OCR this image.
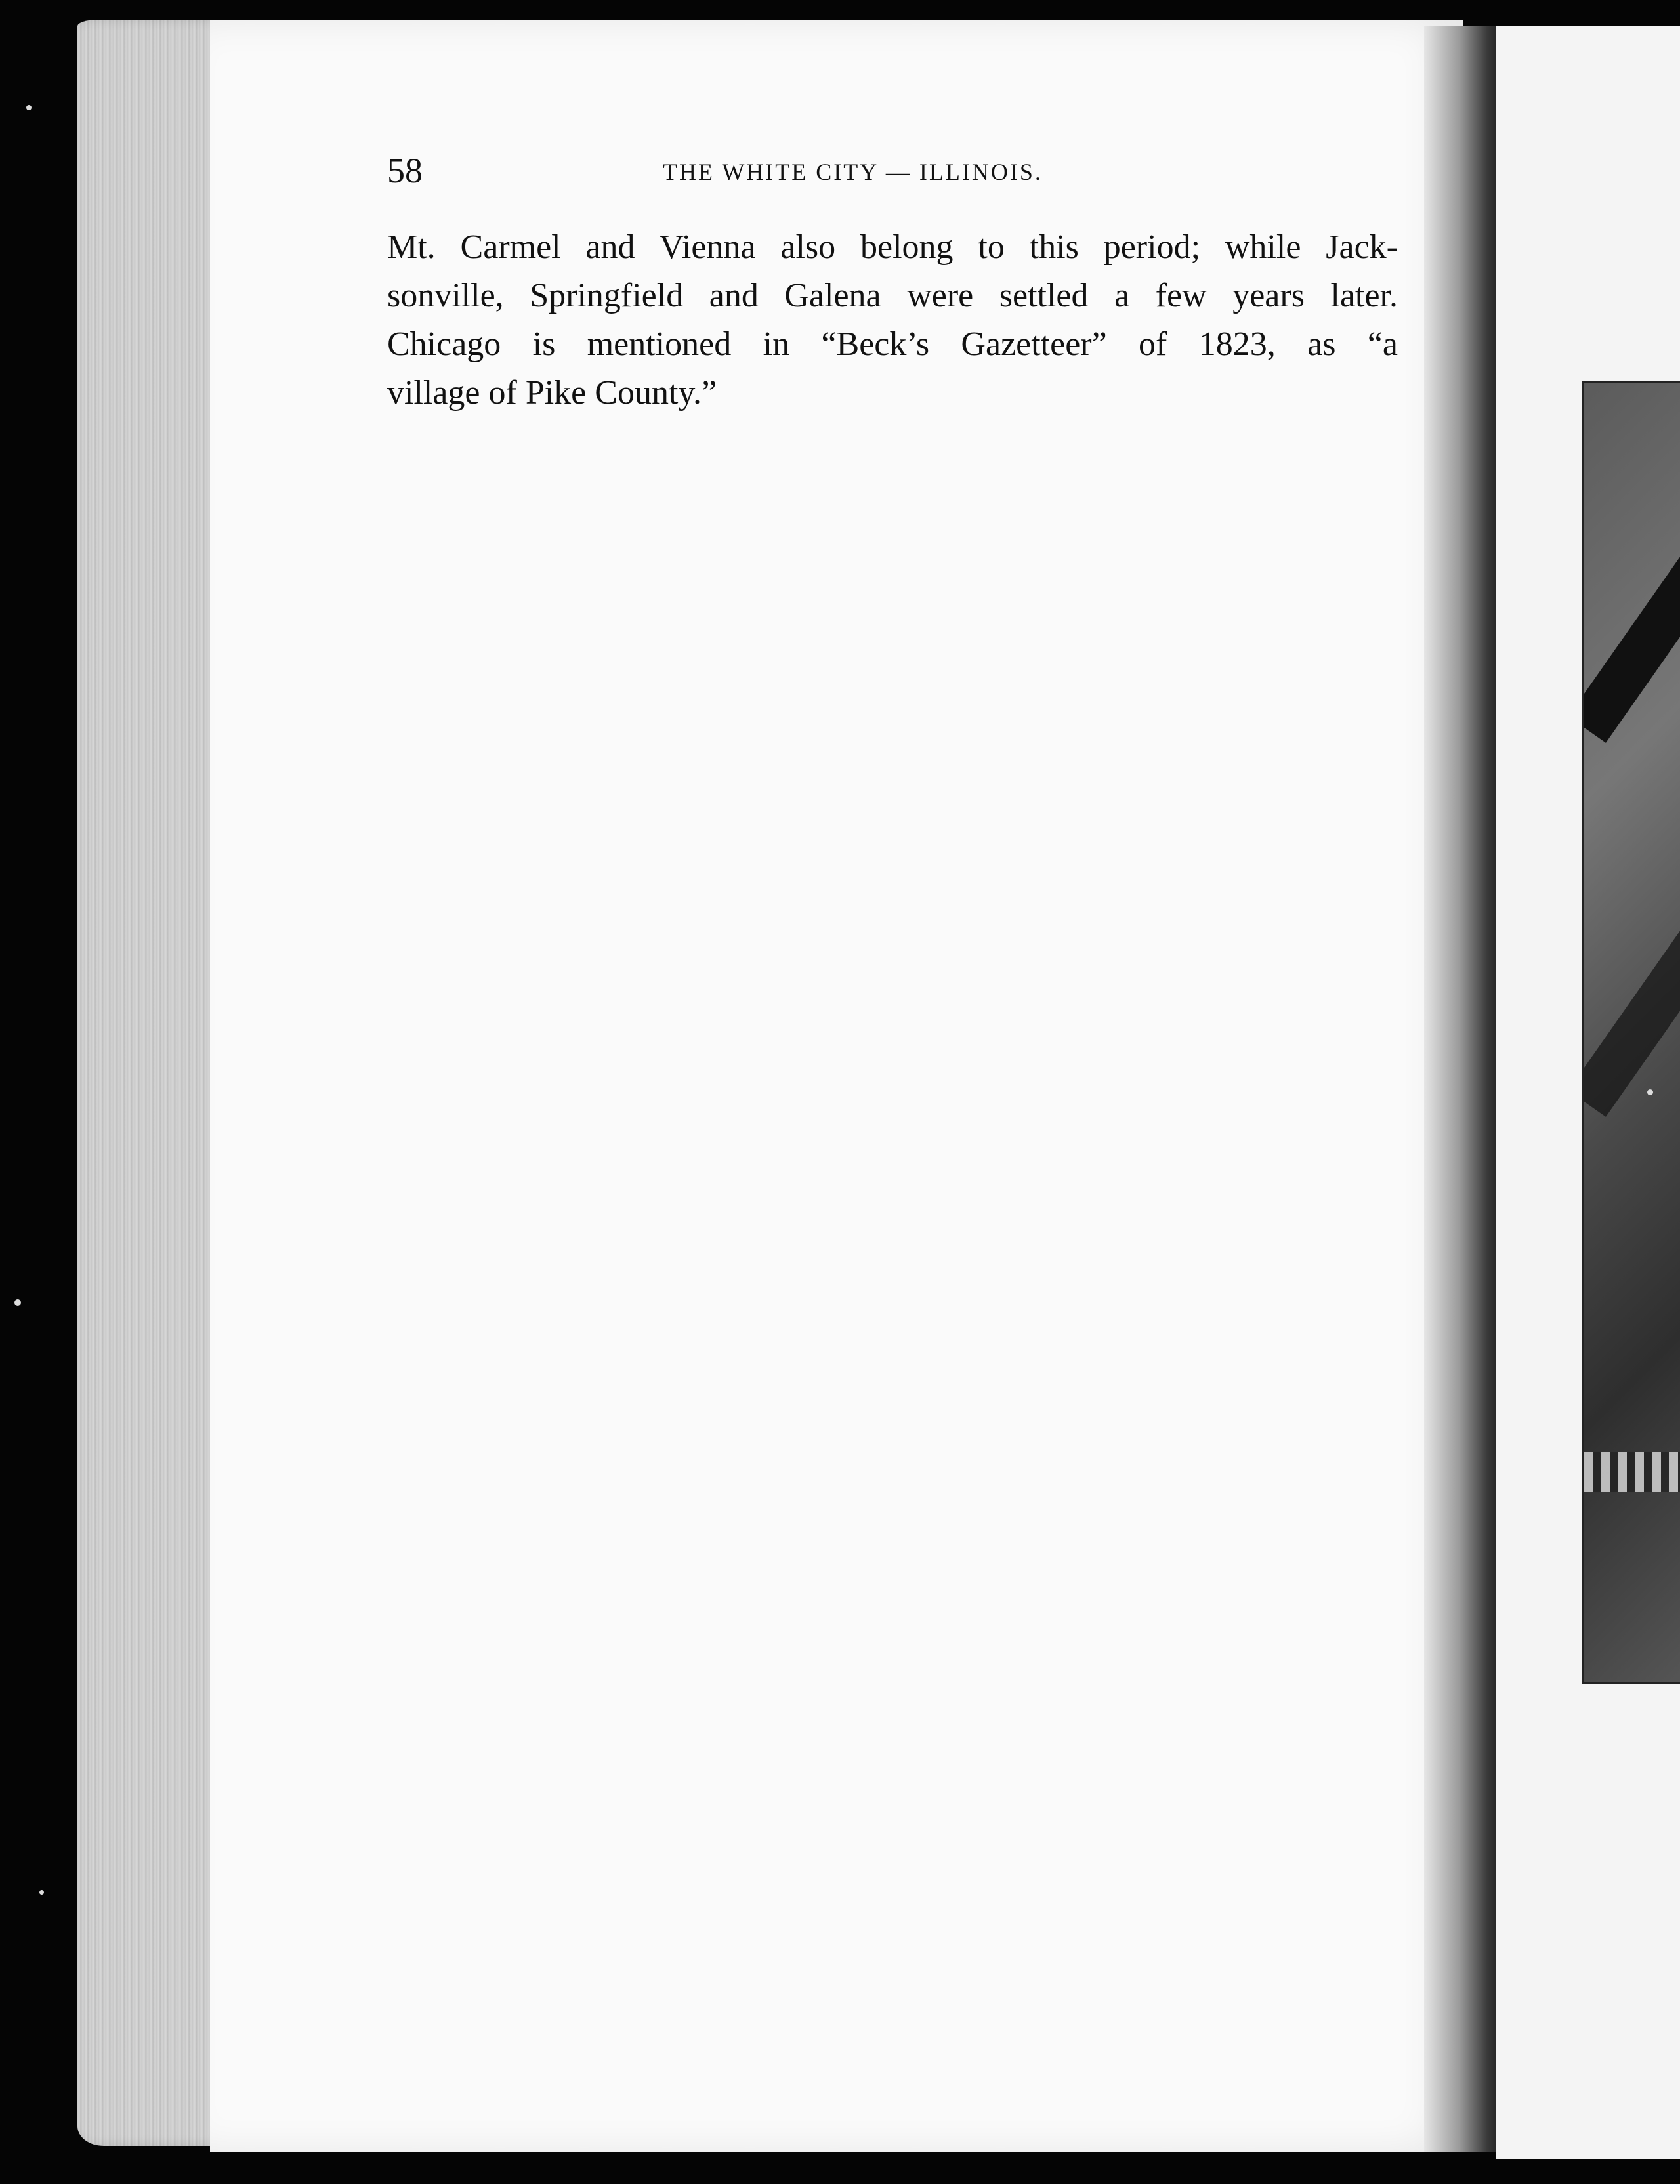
58	THE WHITE CITY — ILLINOIS.
Mt. Carmel and Vienna also belong to this period; while Jack-
sonville, Springfield and Galena were settled a few years later.
Chicago is mentioned in “Beck’s Gazetteer” of 1823, as “a
village of Pike County.”
